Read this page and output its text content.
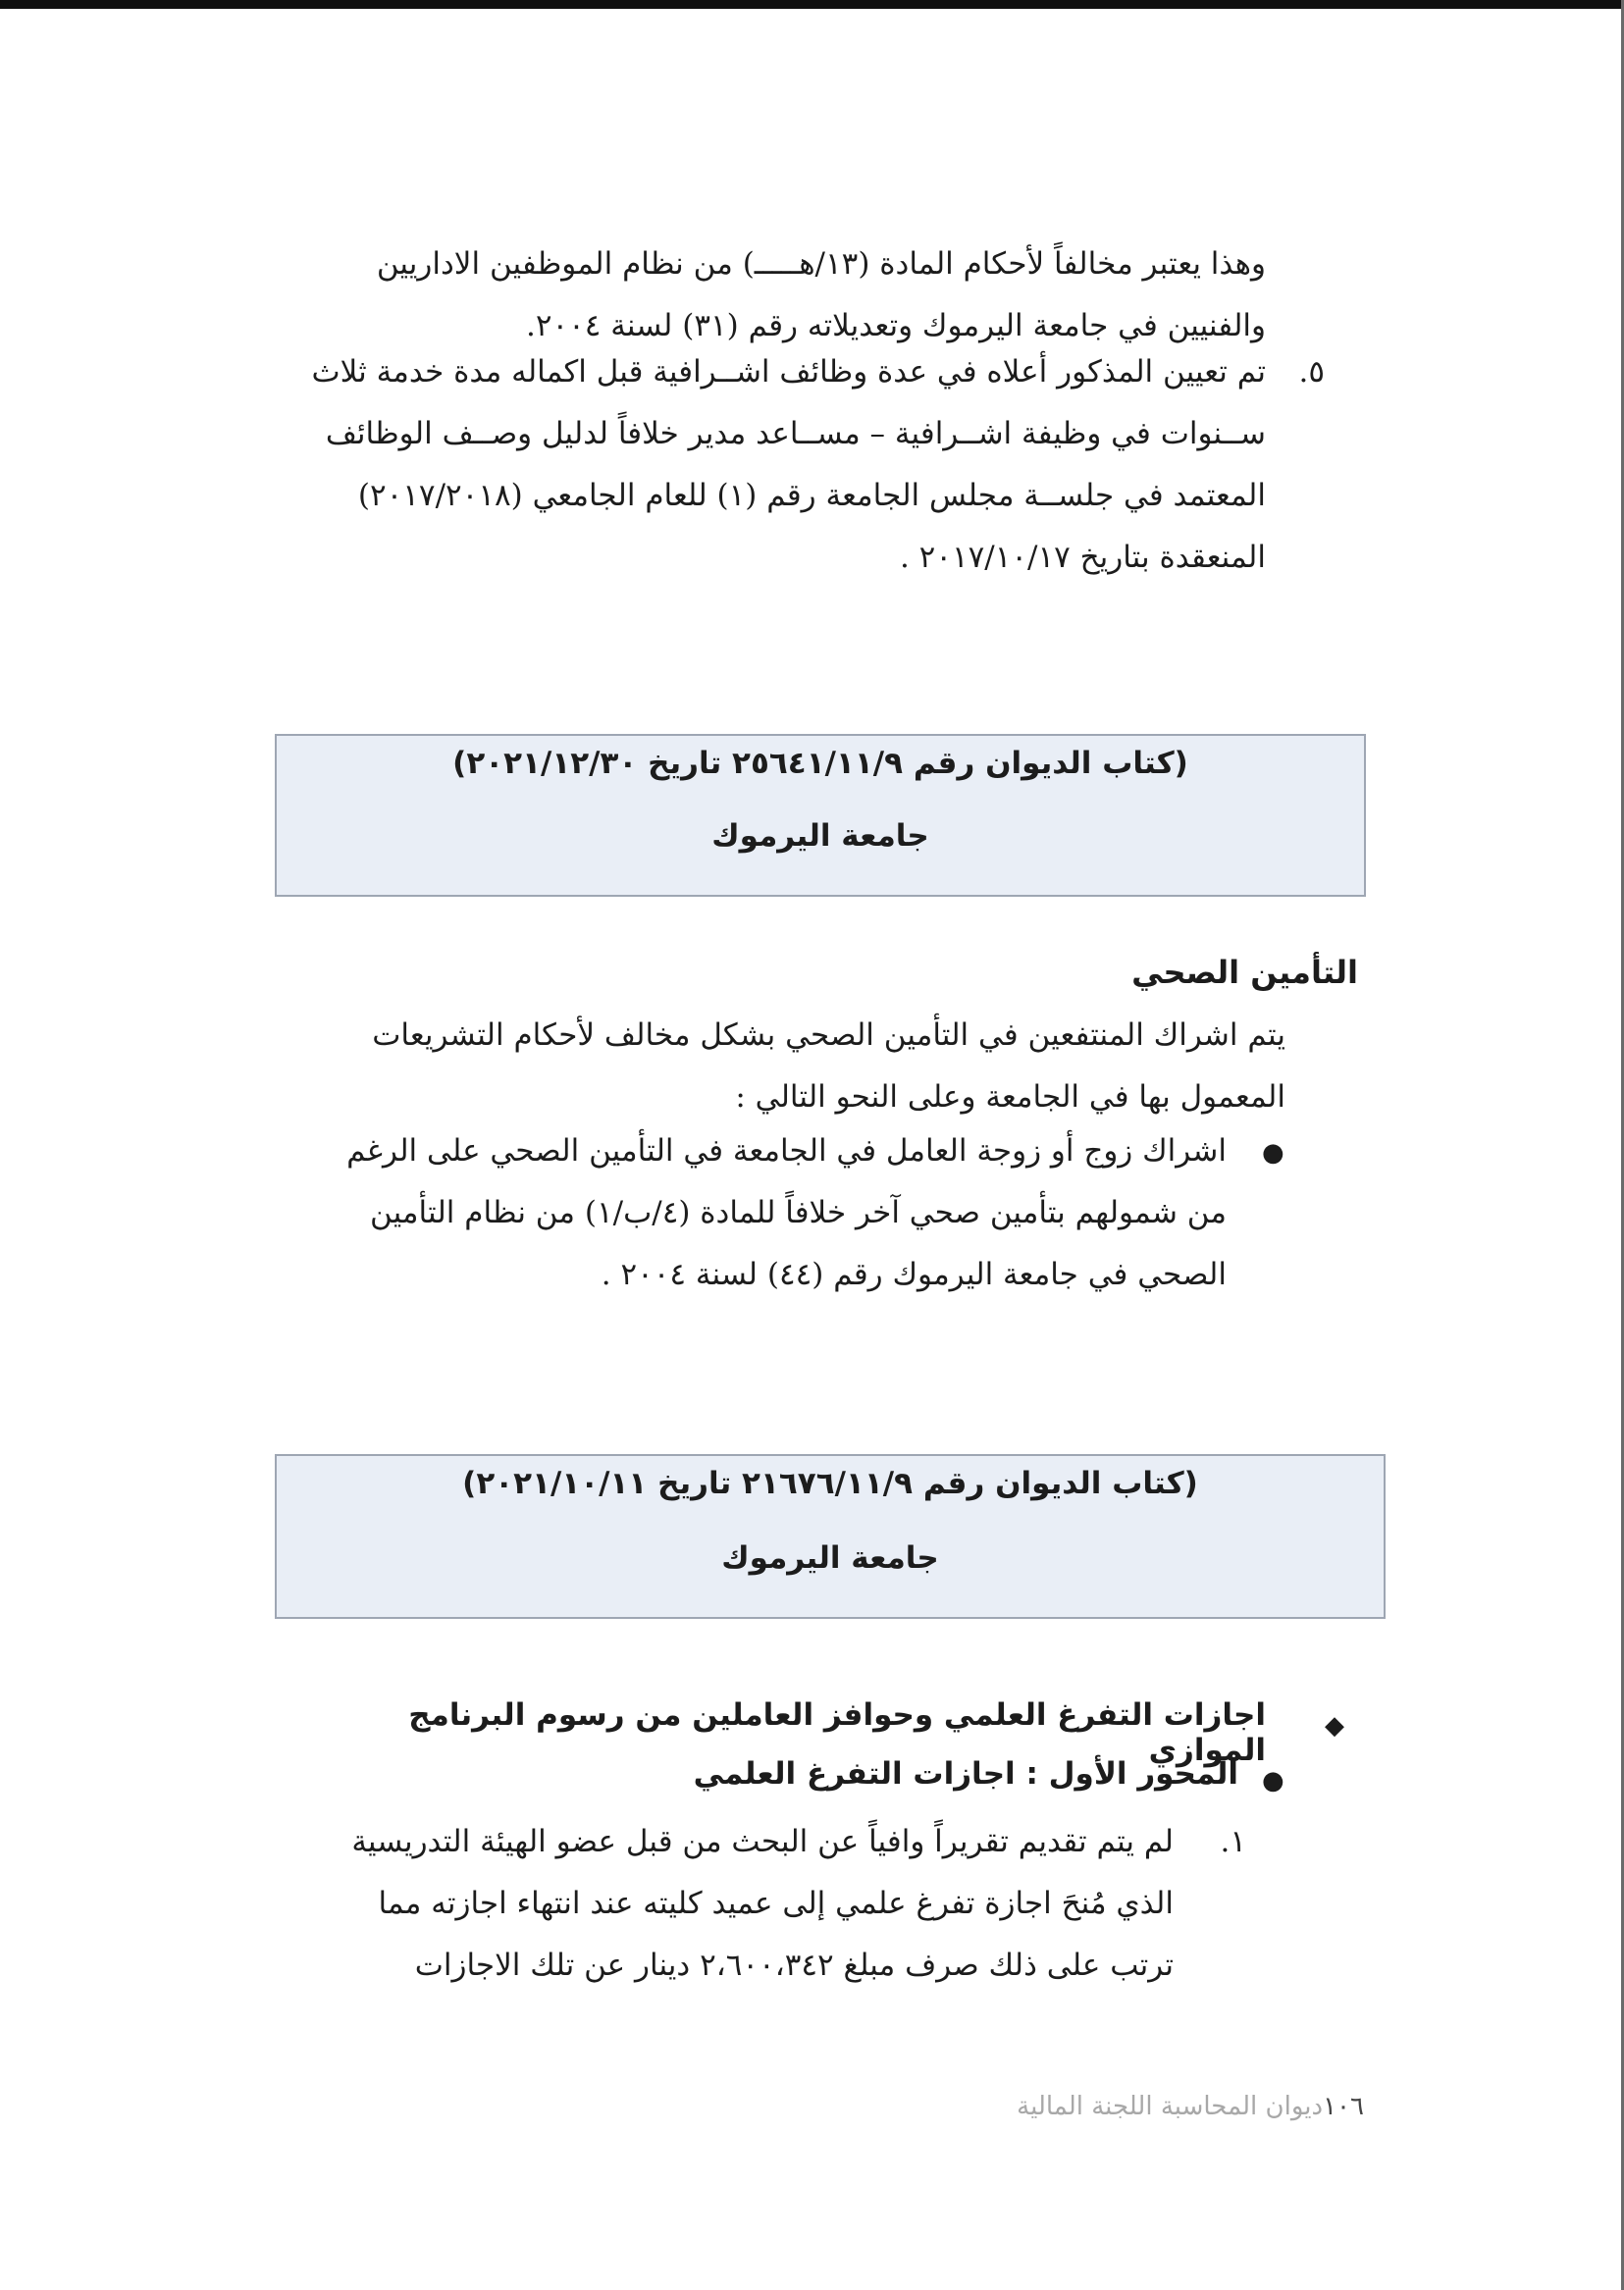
وهذا يعتبر مخالفاً لأحكام المادة (١٣/هـــــ) من نظام الموظفين الاداريين
والفنيين في جامعة اليرموك وتعديلاته رقم (٣١) لسنة ٢٠٠٤.
٥.
تم تعيين المذكور أعلاه في عدة وظائف اشــرافية قبل اكماله مدة خدمة ثلاث
ســنوات في وظيفة اشــرافية – مســاعد مدير خلافاً لدليل وصــف الوظائف
المعتمد في جلســة مجلس الجامعة رقم (١) للعام الجامعي (٢٠١٧/٢٠١٨)
المنعقدة بتاريخ ٢٠١٧/١٠/١٧ .
(كتاب الديوان رقم ٢٥٦٤١/١١/٩ تاريخ ٢٠٢١/١٢/٣٠)
جامعة اليرموك
التأمين الصحي
يتم اشراك المنتفعين في التأمين الصحي بشكل مخالف لأحكام التشريعات
المعمول بها في الجامعة وعلى النحو التالي :
●
اشراك زوج أو زوجة العامل في الجامعة في التأمين الصحي على الرغم
من شمولهم بتأمين صحي آخر خلافاً للمادة (٤/ب/١) من نظام التأمين
الصحي في جامعة اليرموك رقم (٤٤) لسنة ٢٠٠٤ .
(كتاب الديوان رقم ٢١٦٧٦/١١/٩ تاريخ ٢٠٢١/١٠/١١)
جامعة اليرموك
◆
اجازات التفرغ العلمي وحوافز العاملين من رسوم البرنامج الموازي
●
المحور الأول : اجازات التفرغ العلمي
١.
لم يتم تقديم تقريراً وافياً عن البحث من قبل عضو الهيئة التدريسية
الذي مُنحَ اجازة تفرغ علمي إلى عميد كليته عند انتهاء اجازته مما
ترتب على ذلك صرف مبلغ ٢،٦٠٠،٣٤٢ دينار عن تلك الاجازات
١٠٦ديوان المحاسبة اللجنة المالية
